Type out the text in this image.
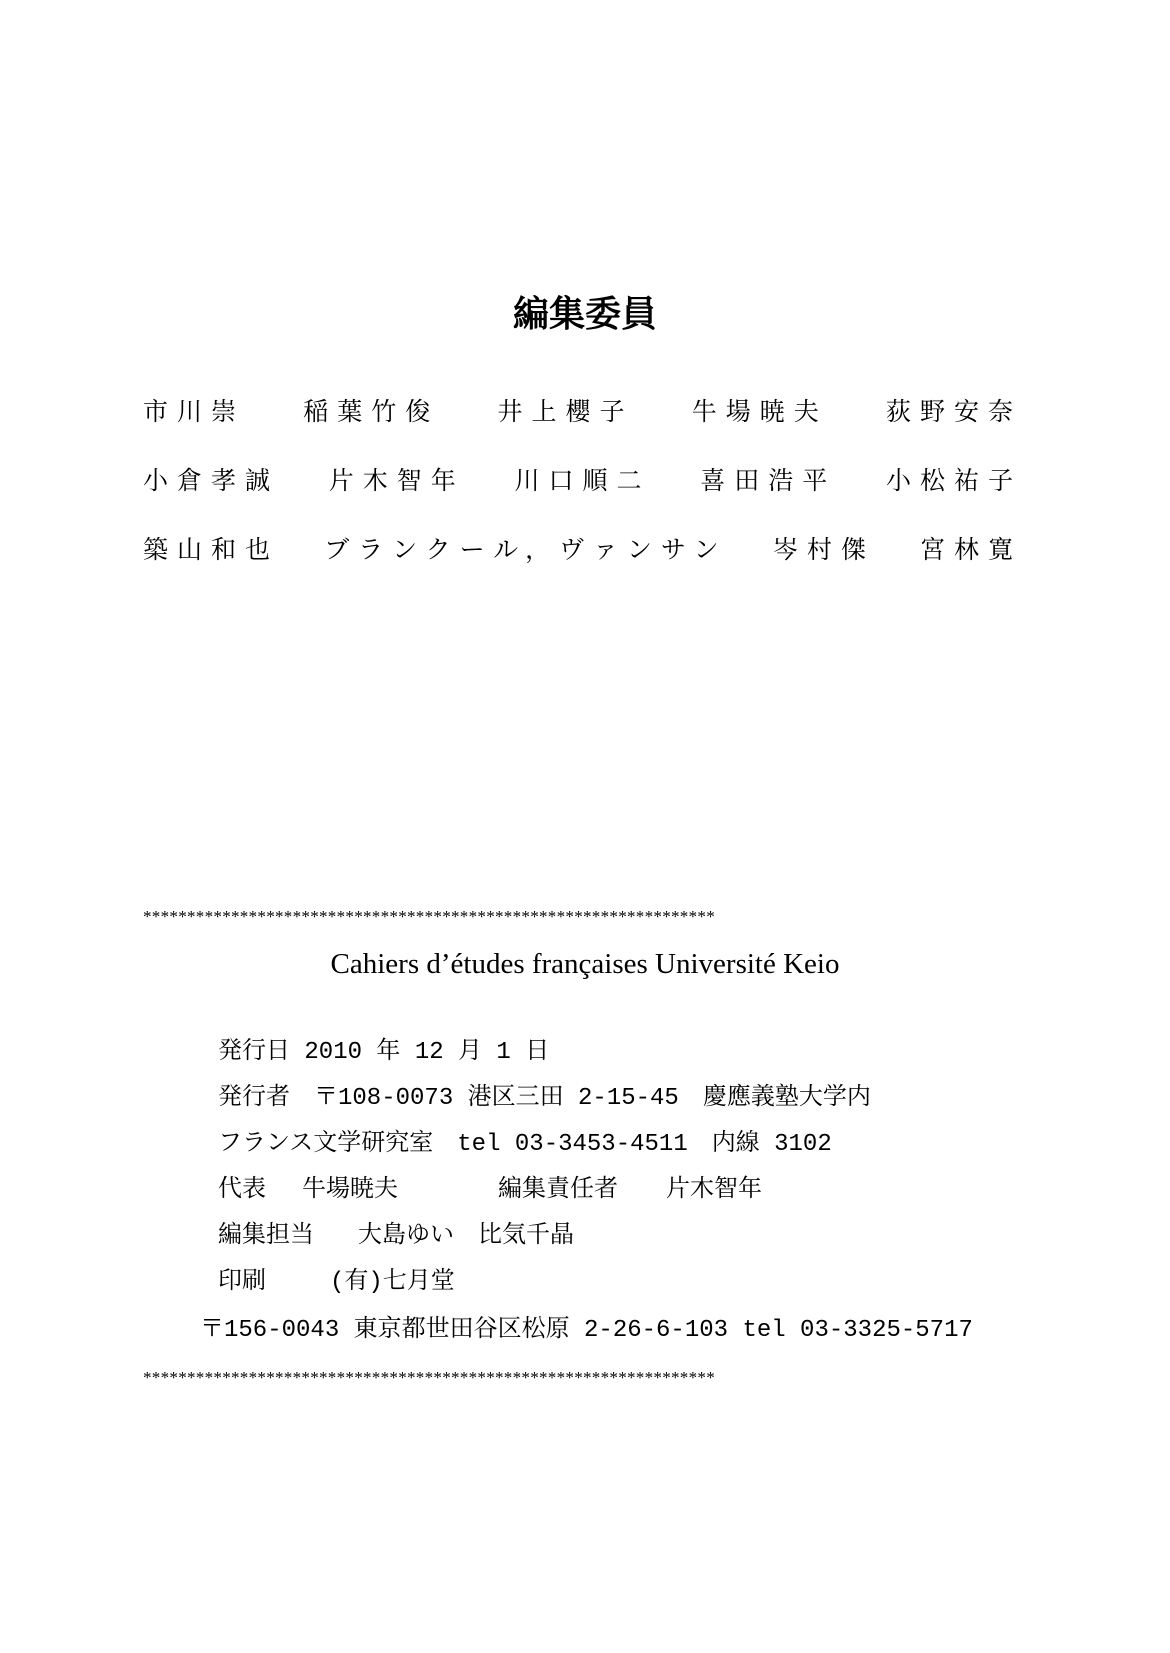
編集委員
市川崇 稲葉竹俊 井上櫻子 牛場暁夫 荻野安奈
小倉孝誠 片木智年 川口順二 喜田浩平 小松祐子
築山和也 ブランクール，ヴァンサン 岑村傑 宮林寛
*****************************************************************
Cahiers d’études françaises Université Keio
発行日 2010 年 12 月 1 日
発行者　〒108-0073 港区三田 2-15-45　慶應義塾大学内
フランス文学研究室　tel 03-3453-4511　内線 3102
代表 牛場暁夫	編集責任者 片木智年
編集担当 大島ゆい　比気千晶
印刷	(有)七月堂
〒156-0043 東京都世田谷区松原 2-26-6-103 tel 03-3325-5717
*****************************************************************
